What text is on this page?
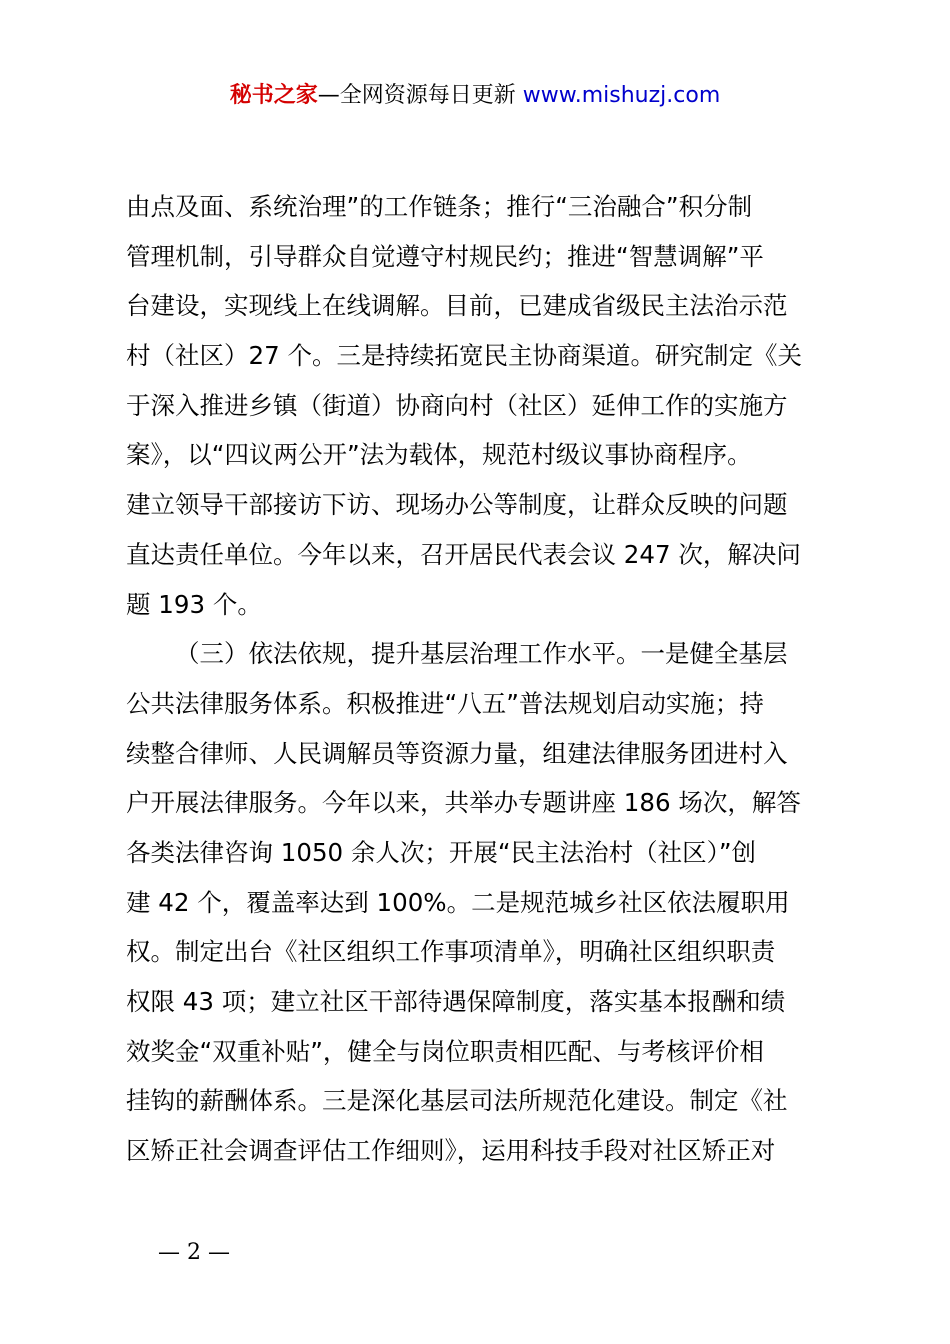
秘书之家—全网资源每日更新 www.mishuzj.com
由点及面、系统治理”的工作链条；推行“三治融合”积分制
管理机制，引导群众自觉遵守村规民约；推进“智慧调解”平
台建设，实现线上在线调解。目前，已建成省级民主法治示范
村（社区）27 个。三是持续拓宽民主协商渠道。研究制定《关
于深入推进乡镇（街道）协商向村（社区）延伸工作的实施方
案》，以“四议两公开”法为载体，规范村级议事协商程序。
建立领导干部接访下访、现场办公等制度，让群众反映的问题
直达责任单位。今年以来，召开居民代表会议 247 次，解决问
题 193 个。
（三）依法依规，提升基层治理工作水平。一是健全基层
公共法律服务体系。积极推进“八五”普法规划启动实施；持
续整合律师、人民调解员等资源力量，组建法律服务团进村入
户开展法律服务。今年以来，共举办专题讲座 186 场次，解答
各类法律咨询 1050 余人次；开展“民主法治村（社区）”创
建 42 个，覆盖率达到 100%。二是规范城乡社区依法履职用
权。制定出台《社区组织工作事项清单》，明确社区组织职责
权限 43 项；建立社区干部待遇保障制度，落实基本报酬和绩
效奖金“双重补贴”，健全与岗位职责相匹配、与考核评价相
挂钩的薪酬体系。三是深化基层司法所规范化建设。制定《社
区矫正社会调查评估工作细则》，运用科技手段对社区矫正对
— 2 —
